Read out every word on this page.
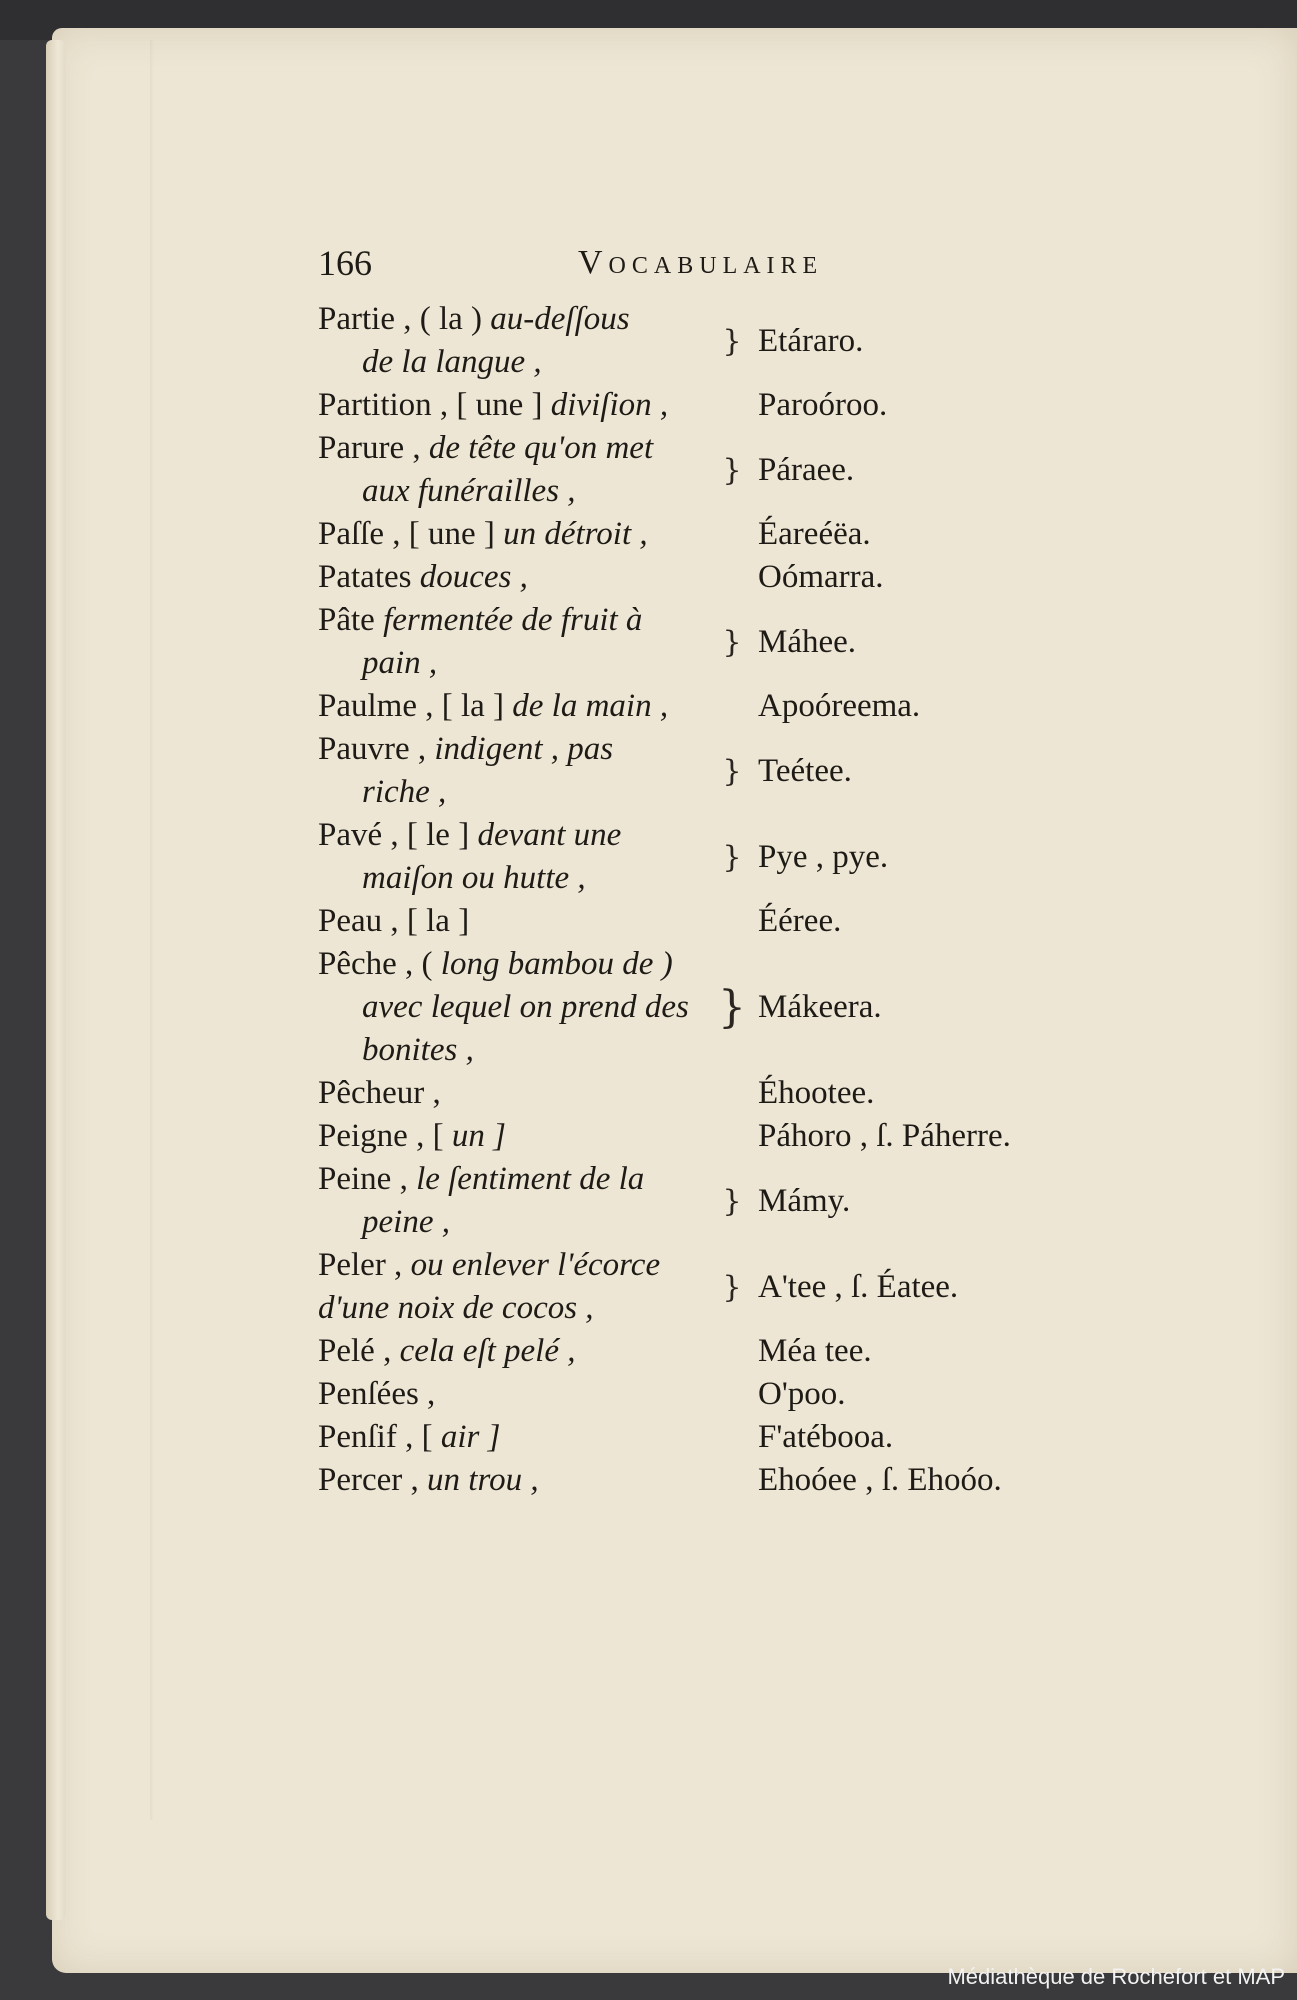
166	Vocabulaire
Partie , ( la ) au-deſſous
de la langue ,
} Etáraro.
Partition , [ une ] diviſion ,	Paroóroo.
Parure , de tête qu'on met
aux funérailles ,
} Páraee.
Paſſe , [ une ] un détroit ,	Éareéëa.
Patates douces ,	Oómarra.
Pâte fermentée de fruit à
pain ,
} Máhee.
Paulme , [ la ] de la main ,	Apoóreema.
Pauvre , indigent , pas
riche ,
} Teétee.
Pavé , [ le ] devant une
maiſon ou hutte ,
} Pye , pye.
Peau , [ la ]	Éérее.
Pêche , ( long bambou de )
avec lequel on prend des
bonites ,
} Mákeera.
Pêcheur ,	Éhootee.
Peigne , [ un ]	Páhoro , ſ. Páherre.
Peine , le ſentiment de la
peine ,
} Mámy.
Peler , ou enlever l'écorce
d'une noix de cocos ,
} A'tee , ſ. Éatee.
Pelé , cela eſt pelé ,	Méa tee.
Penſées ,	O'poo.
Penſif , [ air ]	F'atébooa.
Percer , un trou ,	Ehoóee , ſ. Ehoóo.
Médiathèque de Rochefort et MAP
